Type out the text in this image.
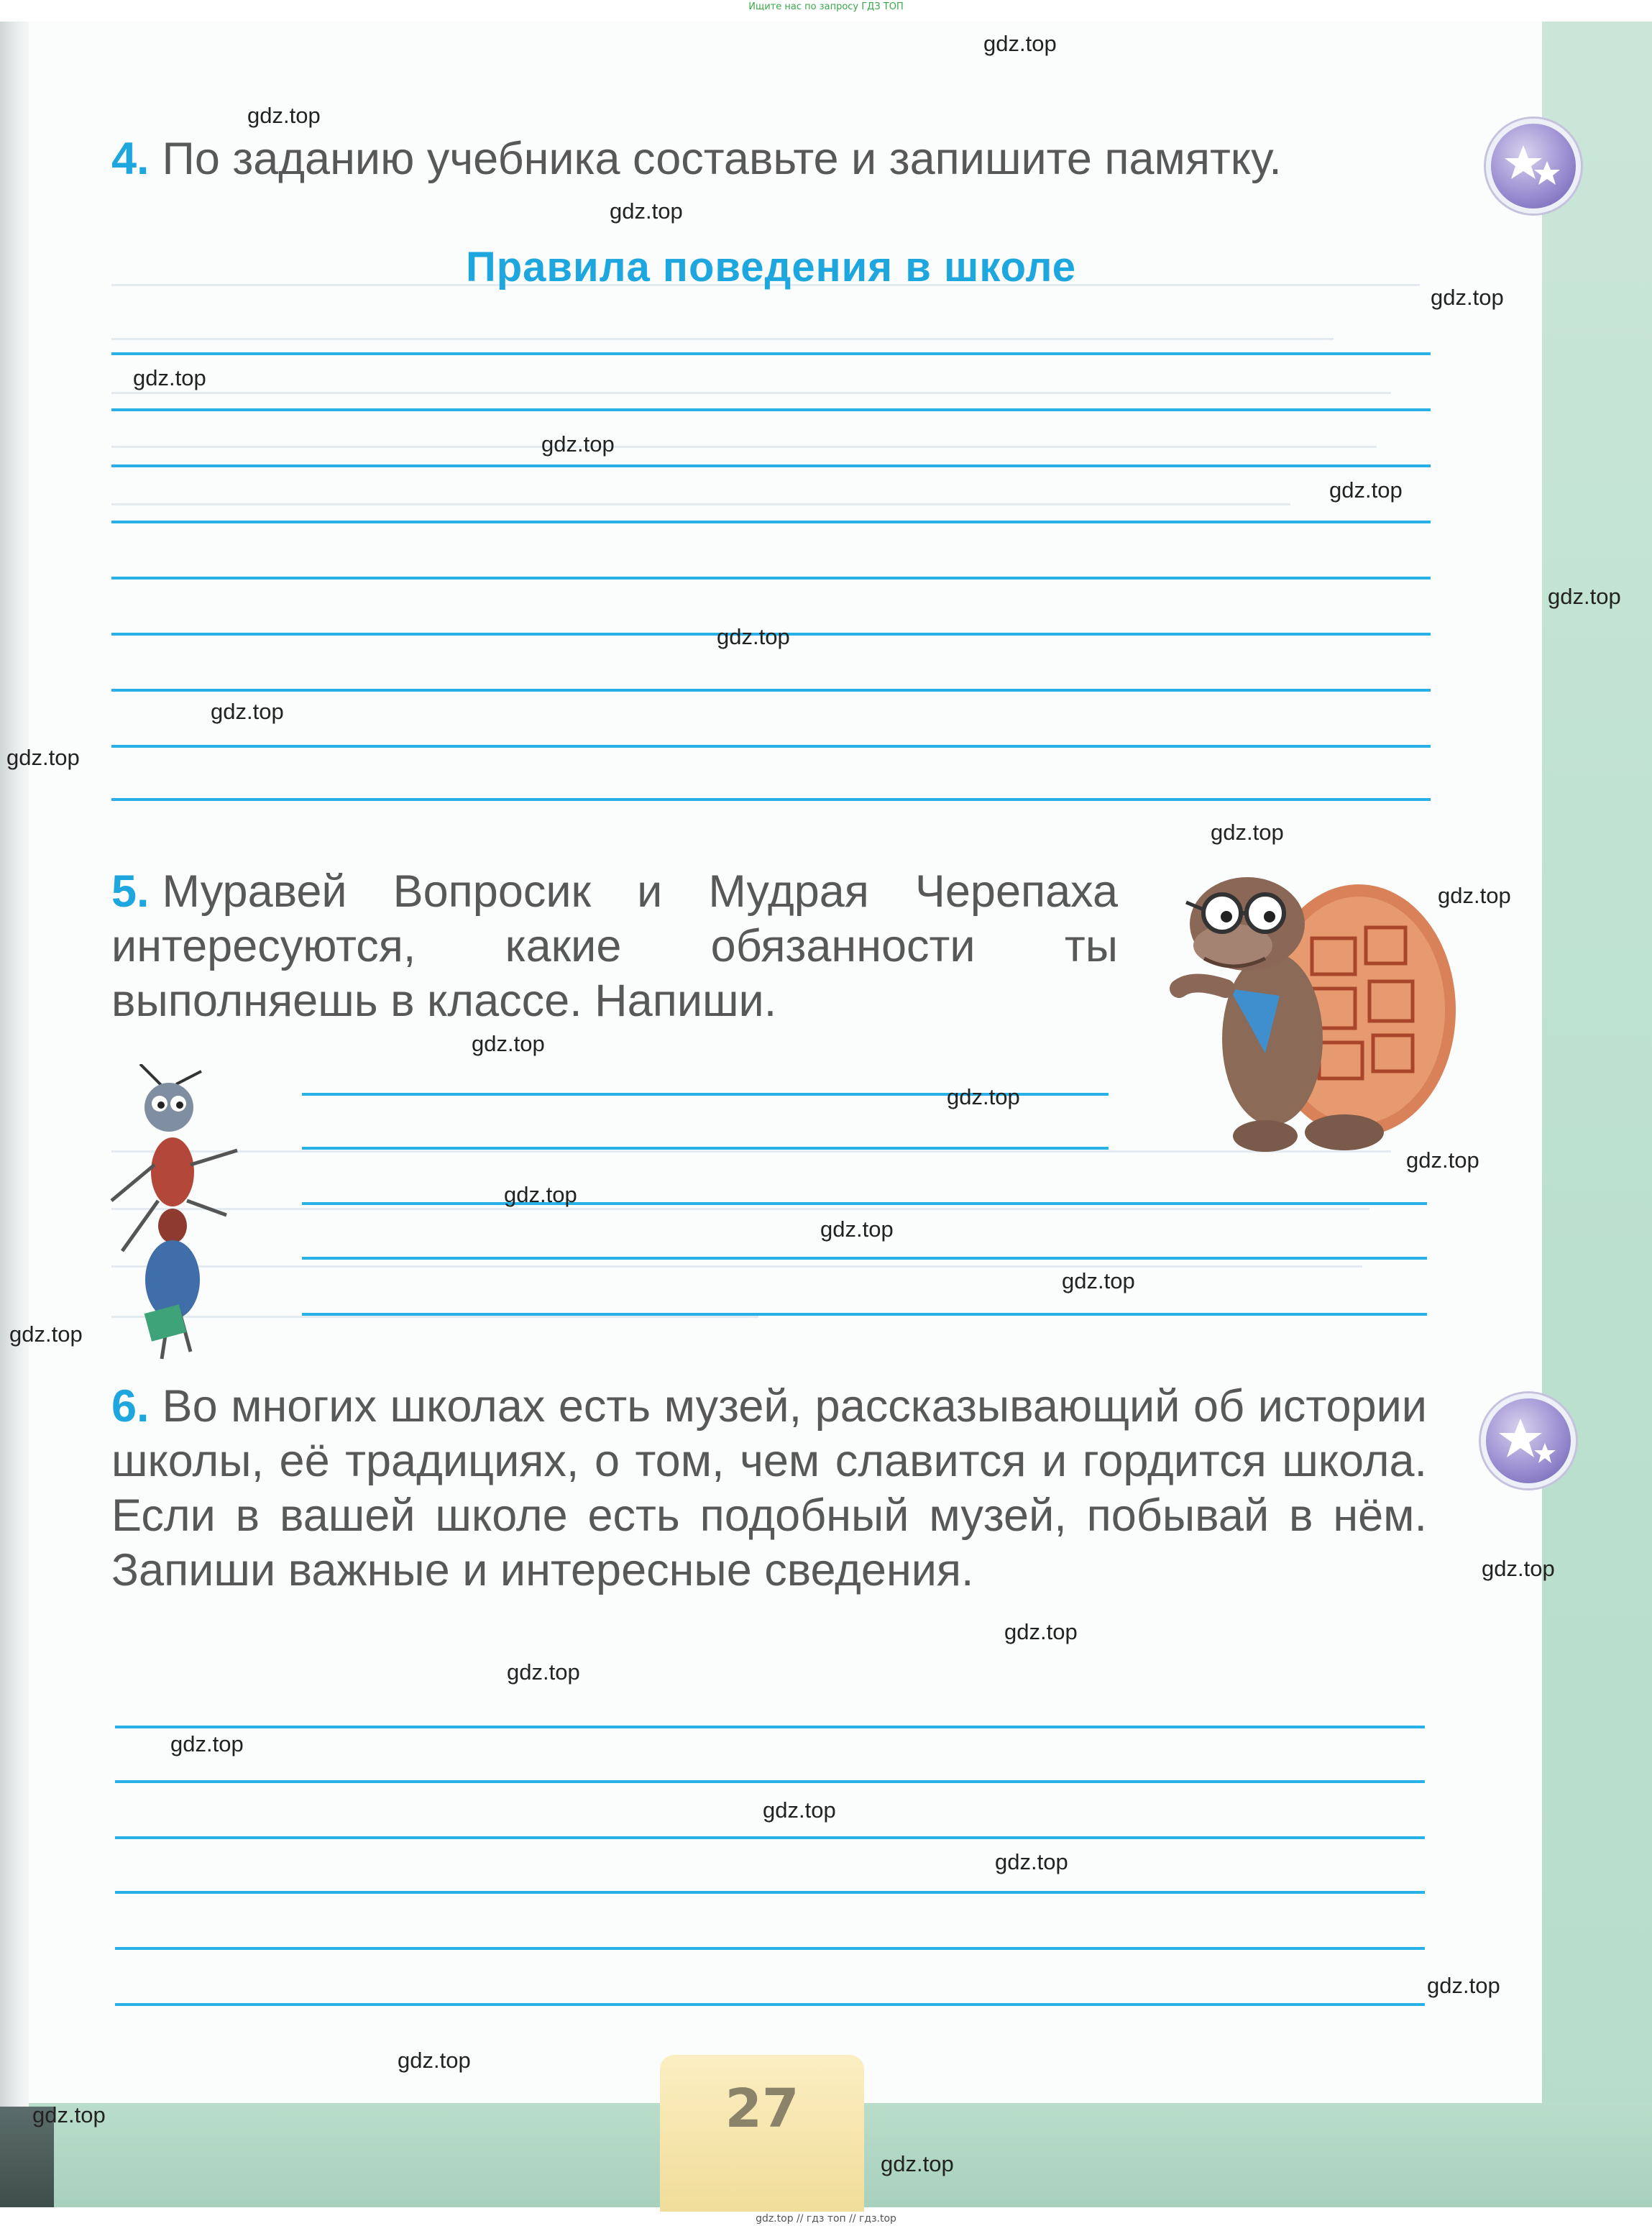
Ищите нас по запросу ГДЗ ТОП

4. По заданию учебника составьте и запишите памятку.

Правила поведения в школе

5. Муравей Вопросик и Мудрая Черепаха интересуются, какие обязанности ты выполняешь в классе. Напиши.

6. Во многих школах есть музей, рассказывающий об истории школы, её традициях, о том, чем славится и гордится школа. Если в вашей школе есть подобный музей, побывай в нём. Запиши важные и интересные сведения.

27

gdz.top
gdz.top
gdz.top
gdz.top
gdz.top
gdz.top
gdz.top
gdz.top
gdz.top
gdz.top
gdz.top
gdz.top
gdz.top
gdz.top
gdz.top
gdz.top
gdz.top
gdz.top
gdz.top
gdz.top
gdz.top
gdz.top
gdz.top
gdz.top
gdz.top
gdz.top
gdz.top
gdz.top
gdz.top
gdz.top
gdz.top // гдз топ // гдз.top
